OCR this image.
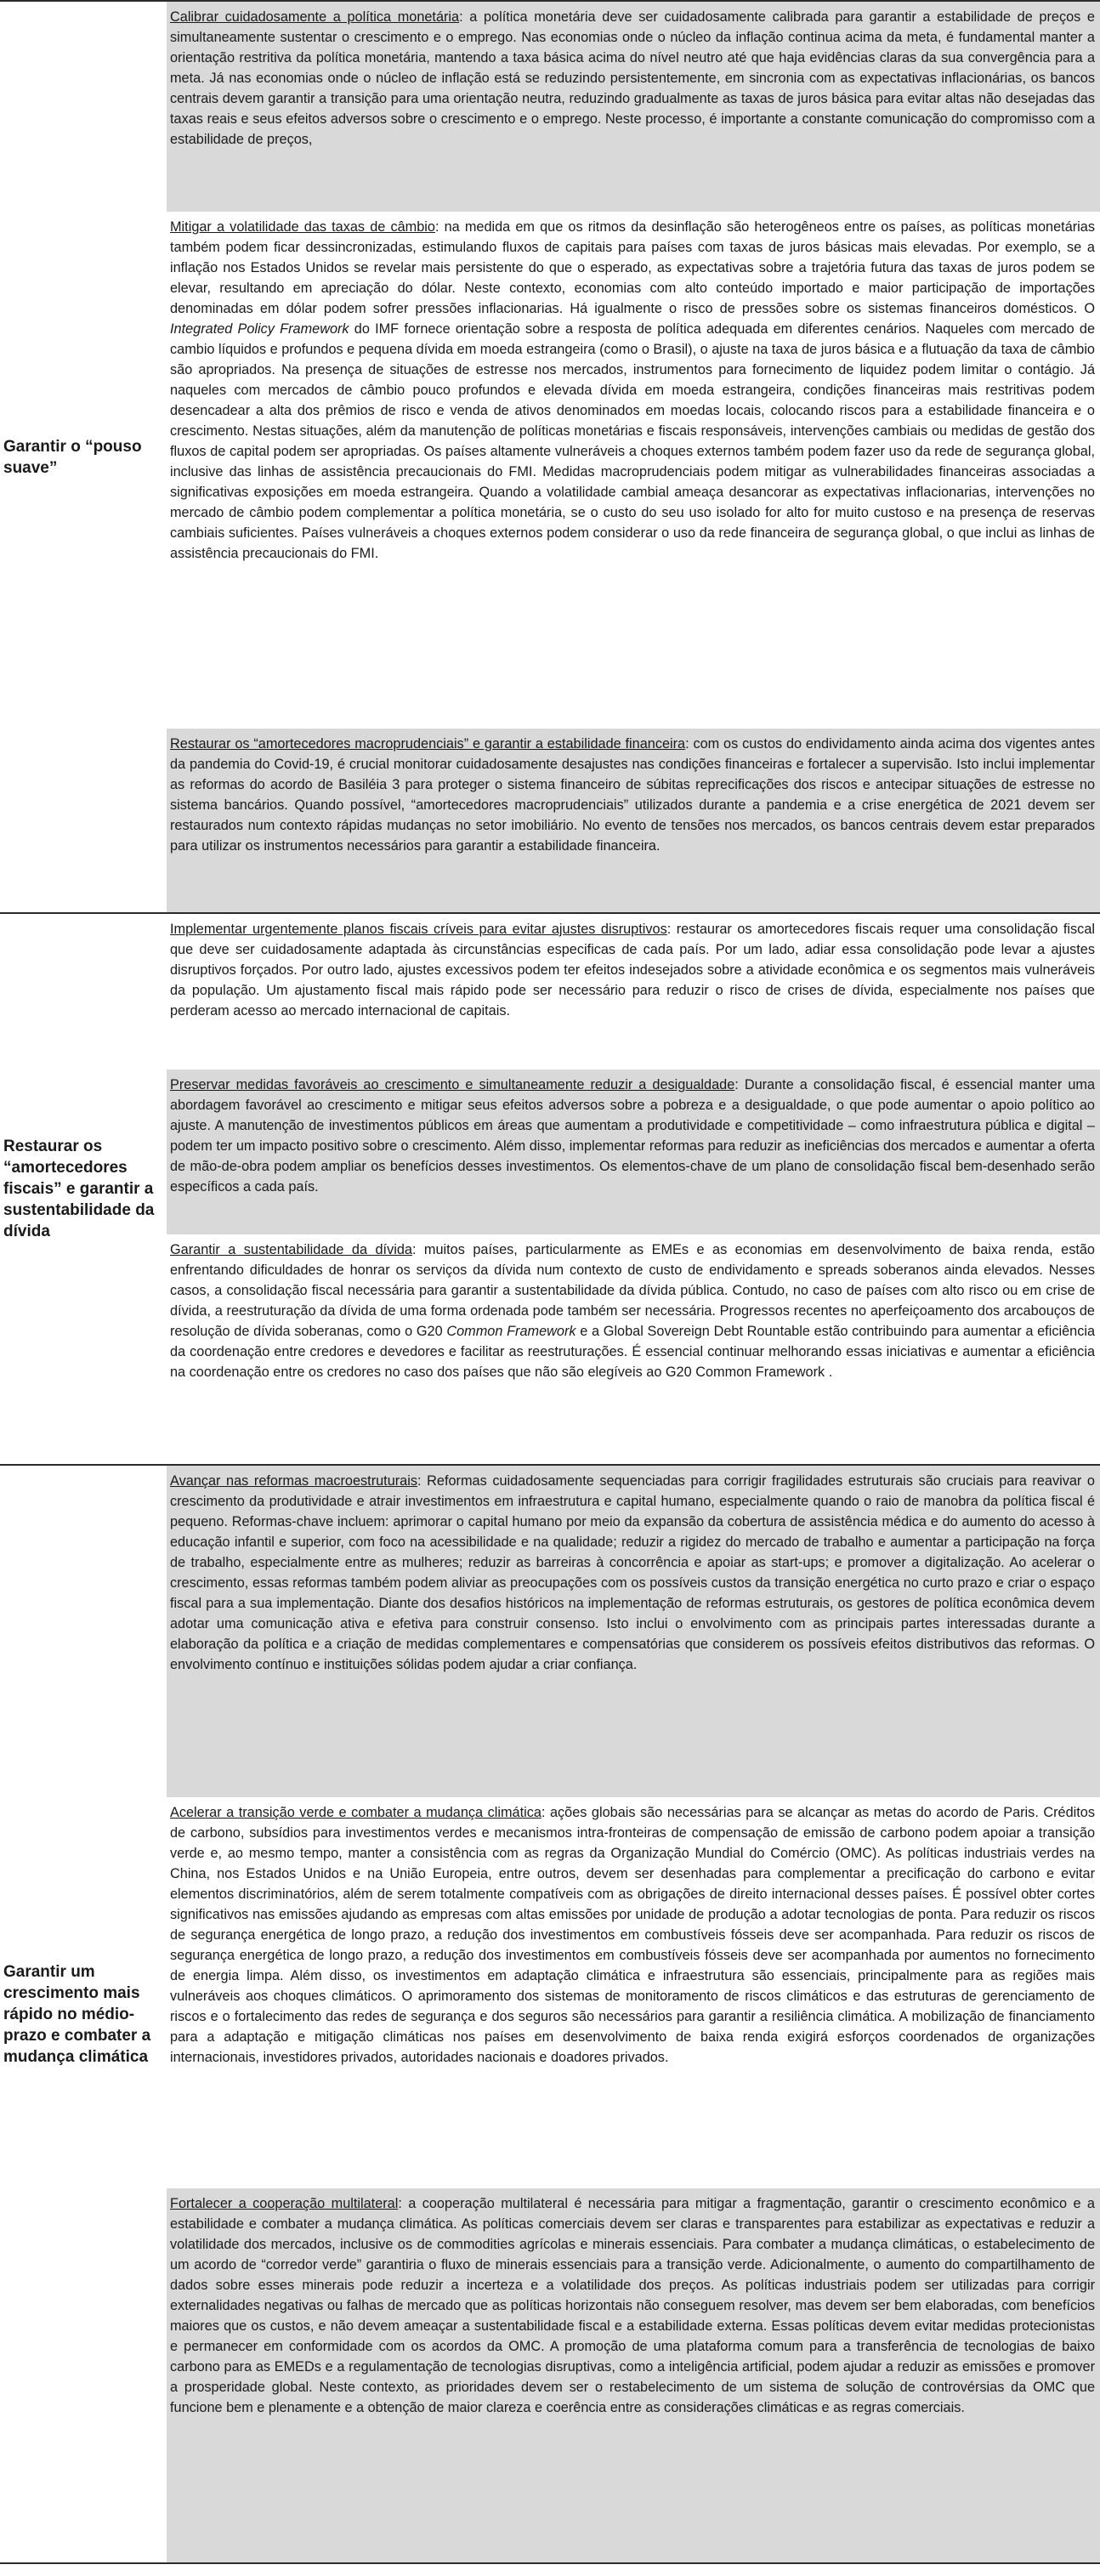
Garantir o “pouso suave”	Calibrar cuidadosamente a política monetária: a política monetária deve ser cuidadosamente calibrada para garantir a estabilidade de preços e simultaneamente sustentar o crescimento e o emprego. Nas economias onde o núcleo da inflação continua acima da meta, é fundamental manter a orientação restritiva da política monetária, mantendo a taxa básica acima do nível neutro até que haja evidências claras da sua convergência para a meta. Já nas economias onde o núcleo de inflação está se reduzindo persistentemente, em sincronia com as expectativas inflacionárias, os bancos centrais devem garantir a transição para uma orientação neutra, reduzindo gradualmente as taxas de juros básica para evitar altas não desejadas das taxas reais e seus efeitos adversos sobre o crescimento e o emprego. Neste processo, é importante a constante comunicação do compromisso com a estabilidade de preços,

Mitigar a volatilidade das taxas de câmbio: na medida em que os ritmos da desinflação são heterogêneos entre os países, as políticas monetárias também podem ficar dessincronizadas, estimulando fluxos de capitais para países com taxas de juros básicas mais elevadas. Por exemplo, se a inflação nos Estados Unidos se revelar mais persistente do que o esperado, as expectativas sobre a trajetória futura das taxas de juros podem se elevar, resultando em apreciação do dólar. Neste contexto, economias com alto conteúdo importado e maior participação de importações denominadas em dólar podem sofrer pressões inflacionarias. Há igualmente o risco de pressões sobre os sistemas financeiros domésticos. O Integrated Policy Framework do IMF fornece orientação sobre a resposta de política adequada em diferentes cenários. Naqueles com mercado de cambio líquidos e profundos e pequena dívida em moeda estrangeira (como o Brasil), o ajuste na taxa de juros básica e a flutuação da taxa de câmbio são apropriados. Na presença de situações de estresse nos mercados, instrumentos para fornecimento de liquidez podem limitar o contágio. Já naqueles com mercados de câmbio pouco profundos e elevada dívida em moeda estrangeira, condições financeiras mais restritivas podem desencadear a alta dos prêmios de risco e venda de ativos denominados em moedas locais, colocando riscos para a estabilidade financeira e o crescimento. Nestas situações, além da manutenção de políticas monetárias e fiscais responsáveis, intervenções cambiais ou medidas de gestão dos fluxos de capital podem ser apropriadas. Os países altamente vulneráveis a choques externos também podem fazer uso da rede de segurança global, inclusive das linhas de assistência precaucionais do FMI. Medidas macroprudenciais podem mitigar as vulnerabilidades financeiras associadas a significativas exposições em moeda estrangeira. Quando a volatilidade cambial ameaça desancorar as expectativas inflacionarias, intervenções no mercado de câmbio podem complementar a política monetária, se o custo do seu uso isolado for alto for muito custoso e na presença de reservas cambiais suficientes. Países vulneráveis a choques externos podem considerar o uso da rede financeira de segurança global, o que inclui as linhas de assistência precaucionais do FMI.

Restaurar os “amortecedores macroprudenciais” e garantir a estabilidade financeira: com os custos do endividamento ainda acima dos vigentes antes da pandemia do Covid-19, é crucial monitorar cuidadosamente desajustes nas condições financeiras e fortalecer a supervisão. Isto inclui implementar as reformas do acordo de Basiléia 3 para proteger o sistema financeiro de súbitas reprecificações dos riscos e antecipar situações de estresse no sistema bancários. Quando possível, “amortecedores macroprudenciais” utilizados durante a pandemia e a crise energética de 2021 devem ser restaurados num contexto rápidas mudanças no setor imobiliário. No evento de tensões nos mercados, os bancos centrais devem estar preparados para utilizar os instrumentos necessários para garantir a estabilidade financeira.

Restaurar os “amortecedores fiscais” e garantir a sustentabilidade da dívida	Implementar urgentemente planos fiscais críveis para evitar ajustes disruptivos: restaurar os amortecedores fiscais requer uma consolidação fiscal que deve ser cuidadosamente adaptada às circunstâncias especificas de cada país. Por um lado, adiar essa consolidação pode levar a ajustes disruptivos forçados. Por outro lado, ajustes excessivos podem ter efeitos indesejados sobre a atividade econômica e os segmentos mais vulneráveis da população. Um ajustamento fiscal mais rápido pode ser necessário para reduzir o risco de crises de dívida, especialmente nos países que perderam acesso ao mercado internacional de capitais.

Preservar medidas favoráveis ao crescimento e simultaneamente reduzir a desigualdade: Durante a consolidação fiscal, é essencial manter uma abordagem favorável ao crescimento e mitigar seus efeitos adversos sobre a pobreza e a desigualdade, o que pode aumentar o apoio político ao ajuste. A manutenção de investimentos públicos em áreas que aumentam a produtividade e competitividade – como infraestrutura pública e digital – podem ter um impacto positivo sobre o crescimento. Além disso, implementar reformas para reduzir as ineficiências dos mercados e aumentar a oferta de mão-de-obra podem ampliar os benefícios desses investimentos. Os elementos-chave de um plano de consolidação fiscal bem-desenhado serão específicos a cada país.

Garantir a sustentabilidade da dívida: muitos países, particularmente as EMEs e as economias em desenvolvimento de baixa renda, estão enfrentando dificuldades de honrar os serviços da dívida num contexto de custo de endividamento e spreads soberanos ainda elevados. Nesses casos, a consolidação fiscal necessária para garantir a sustentabilidade da dívida pública. Contudo, no caso de países com alto risco ou em crise de dívida, a reestruturação da dívida de uma forma ordenada pode também ser necessária. Progressos recentes no aperfeiçoamento dos arcabouços de resolução de dívida soberanas, como o G20 Common Framework e a Global Sovereign Debt Rountable estão contribuindo para aumentar a eficiência da coordenação entre credores e devedores e facilitar as reestruturações. É essencial continuar melhorando essas iniciativas e aumentar a eficiência na coordenação entre os credores no caso dos países que não são elegíveis ao G20 Common Framework .

Garantir um crescimento mais rápido no médio-prazo e combater a mudança climática	Avançar nas reformas macroestruturais: Reformas cuidadosamente sequenciadas para corrigir fragilidades estruturais são cruciais para reavivar o crescimento da produtividade e atrair investimentos em infraestrutura e capital humano, especialmente quando o raio de manobra da política fiscal é pequeno. Reformas-chave incluem: aprimorar o capital humano por meio da expansão da cobertura de assistência médica e do aumento do acesso à educação infantil e superior, com foco na acessibilidade e na qualidade; reduzir a rigidez do mercado de trabalho e aumentar a participação na força de trabalho, especialmente entre as mulheres; reduzir as barreiras à concorrência e apoiar as start-ups; e promover a digitalização. Ao acelerar o crescimento, essas reformas também podem aliviar as preocupações com os possíveis custos da transição energética no curto prazo e criar o espaço fiscal para a sua implementação. Diante dos desafios históricos na implementação de reformas estruturais, os gestores de política econômica devem adotar uma comunicação ativa e efetiva para construir consenso. Isto inclui o envolvimento com as principais partes interessadas durante a elaboração da política e a criação de medidas complementares e compensatórias que considerem os possíveis efeitos distributivos das reformas. O envolvimento contínuo e instituições sólidas podem ajudar a criar confiança.

Acelerar a transição verde e combater a mudança climática: ações globais são necessárias para se alcançar as metas do acordo de Paris. Créditos de carbono, subsídios para investimentos verdes e mecanismos intra-fronteiras de compensação de emissão de carbono podem apoiar a transição verde e, ao mesmo tempo, manter a consistência com as regras da Organização Mundial do Comércio (OMC). As políticas industriais verdes na China, nos Estados Unidos e na União Europeia, entre outros, devem ser desenhadas para complementar a precificação do carbono e evitar elementos discriminatórios, além de serem totalmente compatíveis com as obrigações de direito internacional desses países. É possível obter cortes significativos nas emissões ajudando as empresas com altas emissões por unidade de produção a adotar tecnologias de ponta. Para reduzir os riscos de segurança energética de longo prazo, a redução dos investimentos em combustíveis fósseis deve ser acompanhada. Para reduzir os riscos de segurança energética de longo prazo, a redução dos investimentos em combustíveis fósseis deve ser acompanhada por aumentos no fornecimento de energia limpa. Além disso, os investimentos em adaptação climática e infraestrutura são essenciais, principalmente para as regiões mais vulneráveis aos choques climáticos. O aprimoramento dos sistemas de monitoramento de riscos climáticos e das estruturas de gerenciamento de riscos e o fortalecimento das redes de segurança e dos seguros são necessários para garantir a resiliência climática. A mobilização de financiamento para a adaptação e mitigação climáticas nos países em desenvolvimento de baixa renda exigirá esforços coordenados de organizações internacionais, investidores privados, autoridades nacionais e doadores privados.

Fortalecer a cooperação multilateral: a cooperação multilateral é necessária para mitigar a fragmentação, garantir o crescimento econômico e a estabilidade e combater a mudança climática. As políticas comerciais devem ser claras e transparentes para estabilizar as expectativas e reduzir a volatilidade dos mercados, inclusive os de commodities agrícolas e minerais essenciais. Para combater a mudança climáticas, o estabelecimento de um acordo de “corredor verde” garantiria o fluxo de minerais essenciais para a transição verde. Adicionalmente, o aumento do compartilhamento de dados sobre esses minerais pode reduzir a incerteza e a volatilidade dos preços. As políticas industriais podem ser utilizadas para corrigir externalidades negativas ou falhas de mercado que as políticas horizontais não conseguem resolver, mas devem ser bem elaboradas, com benefícios maiores que os custos, e não devem ameaçar a sustentabilidade fiscal e a estabilidade externa. Essas políticas devem evitar medidas protecionistas e permanecer em conformidade com os acordos da OMC. A promoção de uma plataforma comum para a transferência de tecnologias de baixo carbono para as EMEDs e a regulamentação de tecnologias disruptivas, como a inteligência artificial, podem ajudar a reduzir as emissões e promover a prosperidade global. Neste contexto, as prioridades devem ser o restabelecimento de um sistema de solução de controvérsias da OMC que funcione bem e plenamente e a obtenção de maior clareza e coerência entre as considerações climáticas e as regras comerciais.
